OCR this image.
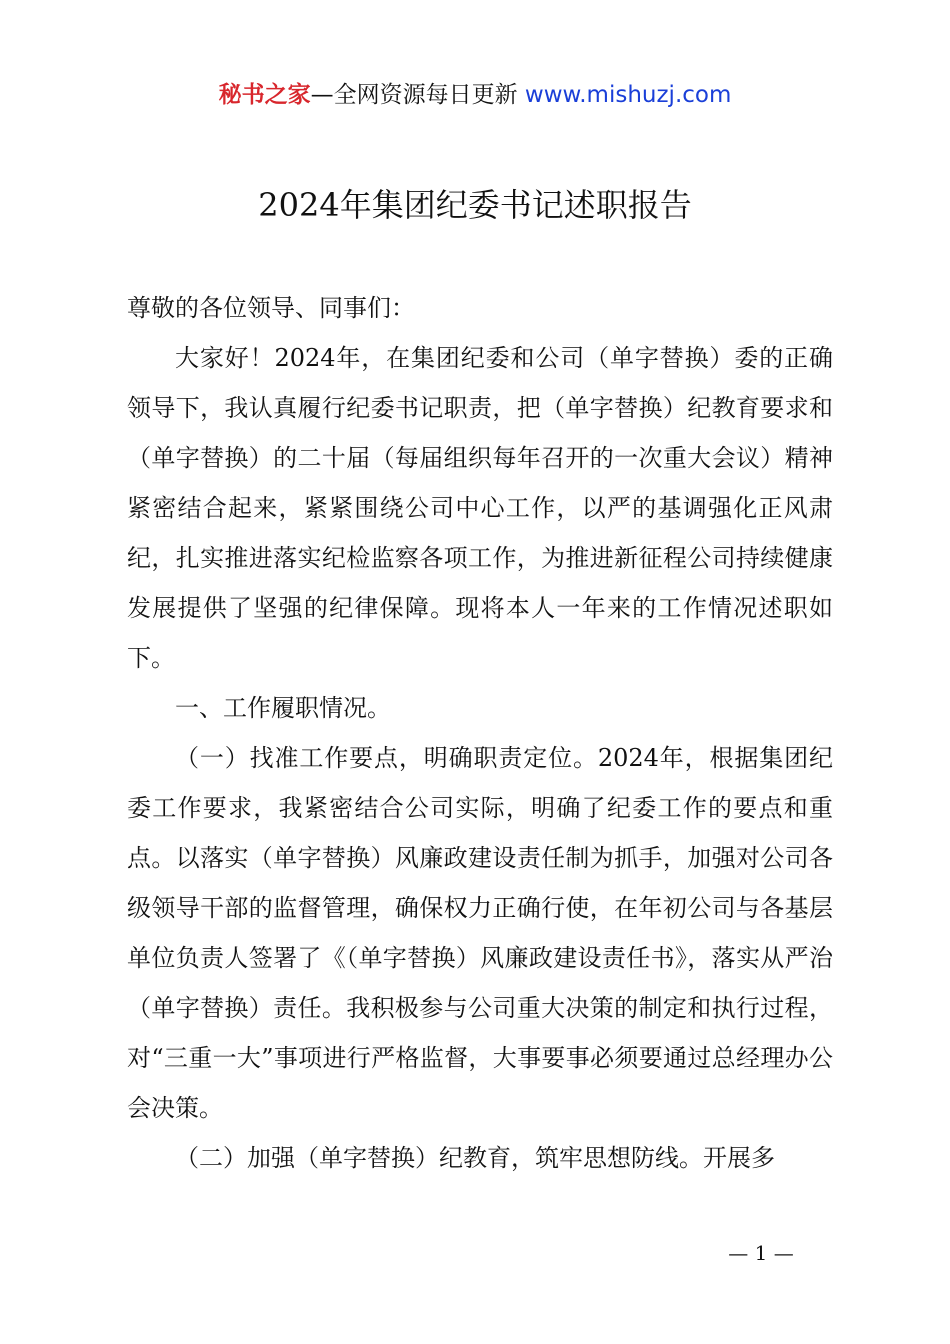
秘书之家—全网资源每日更新 www.mishuzj.com
2024年集团纪委书记述职报告

尊敬的各位领导、同事们：

大家好！2024年，在集团纪委和公司（单字替换）委的正确领导下，我认真履行纪委书记职责，把（单字替换）纪教育要求和（单字替换）的二十届（每届组织每年召开的一次重大会议）精神紧密结合起来，紧紧围绕公司中心工作，以严的基调强化正风肃纪，扎实推进落实纪检监察各项工作，为推进新征程公司持续健康发展提供了坚强的纪律保障。现将本人一年来的工作情况述职如下。

一、工作履职情况。

（一）找准工作要点，明确职责定位。2024年，根据集团纪委工作要求，我紧密结合公司实际，明确了纪委工作的要点和重点。以落实（单字替换）风廉政建设责任制为抓手，加强对公司各级领导干部的监督管理，确保权力正确行使，在年初公司与各基层单位负责人签署了《（单字替换）风廉政建设责任书》，落实从严治（单字替换）责任。我积极参与公司重大决策的制定和执行过程，对“三重一大”事项进行严格监督，大事要事必须要通过总经理办公会决策。

（二）加强（单字替换）纪教育，筑牢思想防线。开展多

— 1 —
